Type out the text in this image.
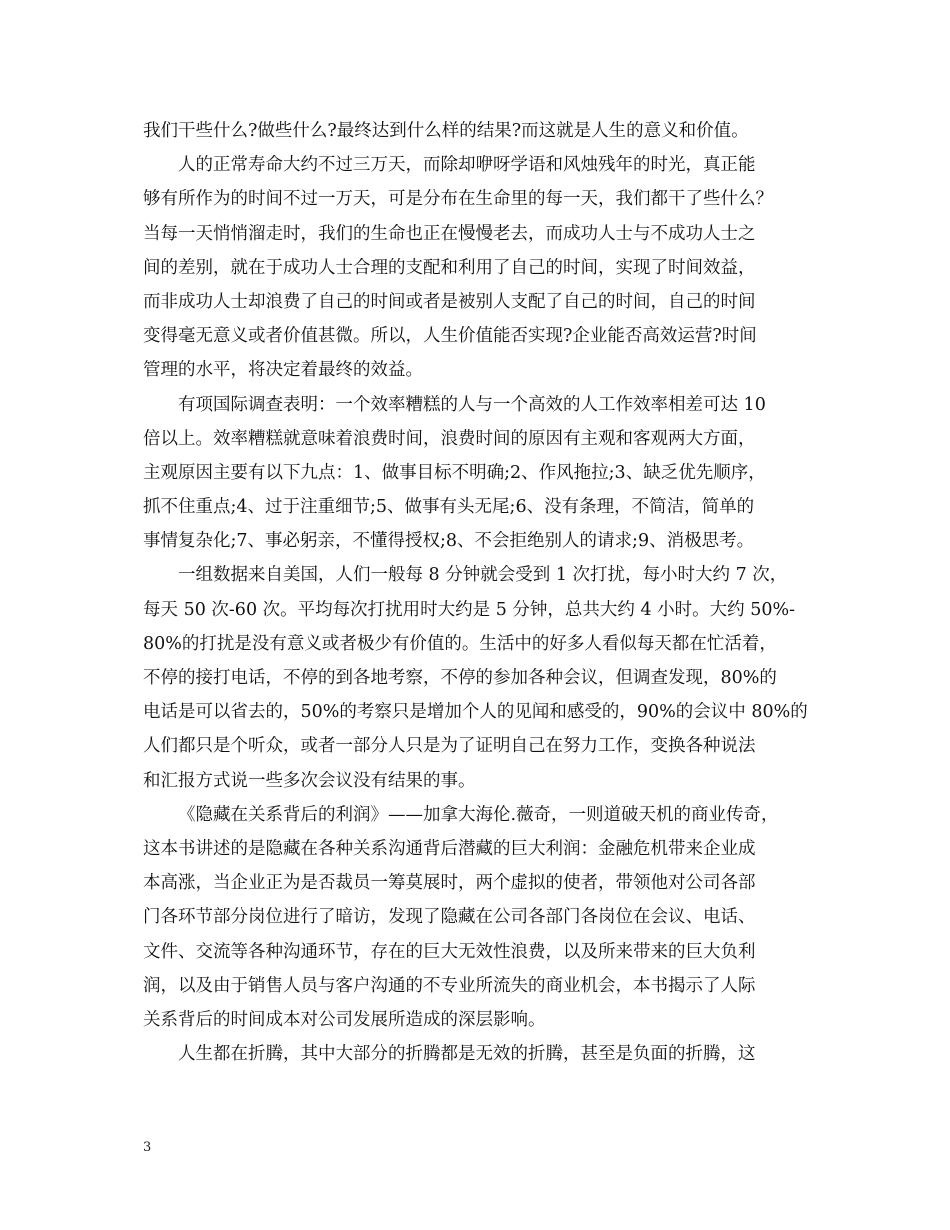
我们干些什么?做些什么?最终达到什么样的结果?而这就是人生的意义和价值。
人的正常寿命大约不过三万天，而除却咿呀学语和风烛残年的时光，真正能
够有所作为的时间不过一万天，可是分布在生命里的每一天，我们都干了些什么？
当每一天悄悄溜走时，我们的生命也正在慢慢老去，而成功人士与不成功人士之
间的差别，就在于成功人士合理的支配和利用了自己的时间，实现了时间效益，
而非成功人士却浪费了自己的时间或者是被别人支配了自己的时间，自己的时间
变得毫无意义或者价值甚微。所以，人生价值能否实现?企业能否高效运营?时间
管理的水平，将决定着最终的效益。
有项国际调查表明：一个效率糟糕的人与一个高效的人工作效率相差可达 10
倍以上。效率糟糕就意味着浪费时间，浪费时间的原因有主观和客观两大方面，
主观原因主要有以下九点：1、做事目标不明确;2、作风拖拉;3、缺乏优先顺序，
抓不住重点;4、过于注重细节;5、做事有头无尾;6、没有条理，不简洁，简单的
事情复杂化;7、事必躬亲，不懂得授权;8、不会拒绝别人的请求;9、消极思考。
一组数据来自美国，人们一般每 8 分钟就会受到 1 次打扰，每小时大约 7 次，
每天 50 次-60 次。平均每次打扰用时大约是 5 分钟，总共大约 4 小时。大约 50%-
80%的打扰是没有意义或者极少有价值的。生活中的好多人看似每天都在忙活着，
不停的接打电话，不停的到各地考察，不停的参加各种会议，但调查发现，80%的
电话是可以省去的，50%的考察只是增加个人的见闻和感受的，90%的会议中 80%的
人们都只是个听众，或者一部分人只是为了证明自己在努力工作，变换各种说法
和汇报方式说一些多次会议没有结果的事。
《隐藏在关系背后的利润》——加拿大海伦.薇奇，一则道破天机的商业传奇，
这本书讲述的是隐藏在各种关系沟通背后潜藏的巨大利润：金融危机带来企业成
本高涨，当企业正为是否裁员一筹莫展时，两个虚拟的使者，带领他对公司各部
门各环节部分岗位进行了暗访，发现了隐藏在公司各部门各岗位在会议、电话、
文件、交流等各种沟通环节，存在的巨大无效性浪费，以及所来带来的巨大负利
润，以及由于销售人员与客户沟通的不专业所流失的商业机会，本书揭示了人际
关系背后的时间成本对公司发展所造成的深层影响。
人生都在折腾，其中大部分的折腾都是无效的折腾，甚至是负面的折腾，这
3
